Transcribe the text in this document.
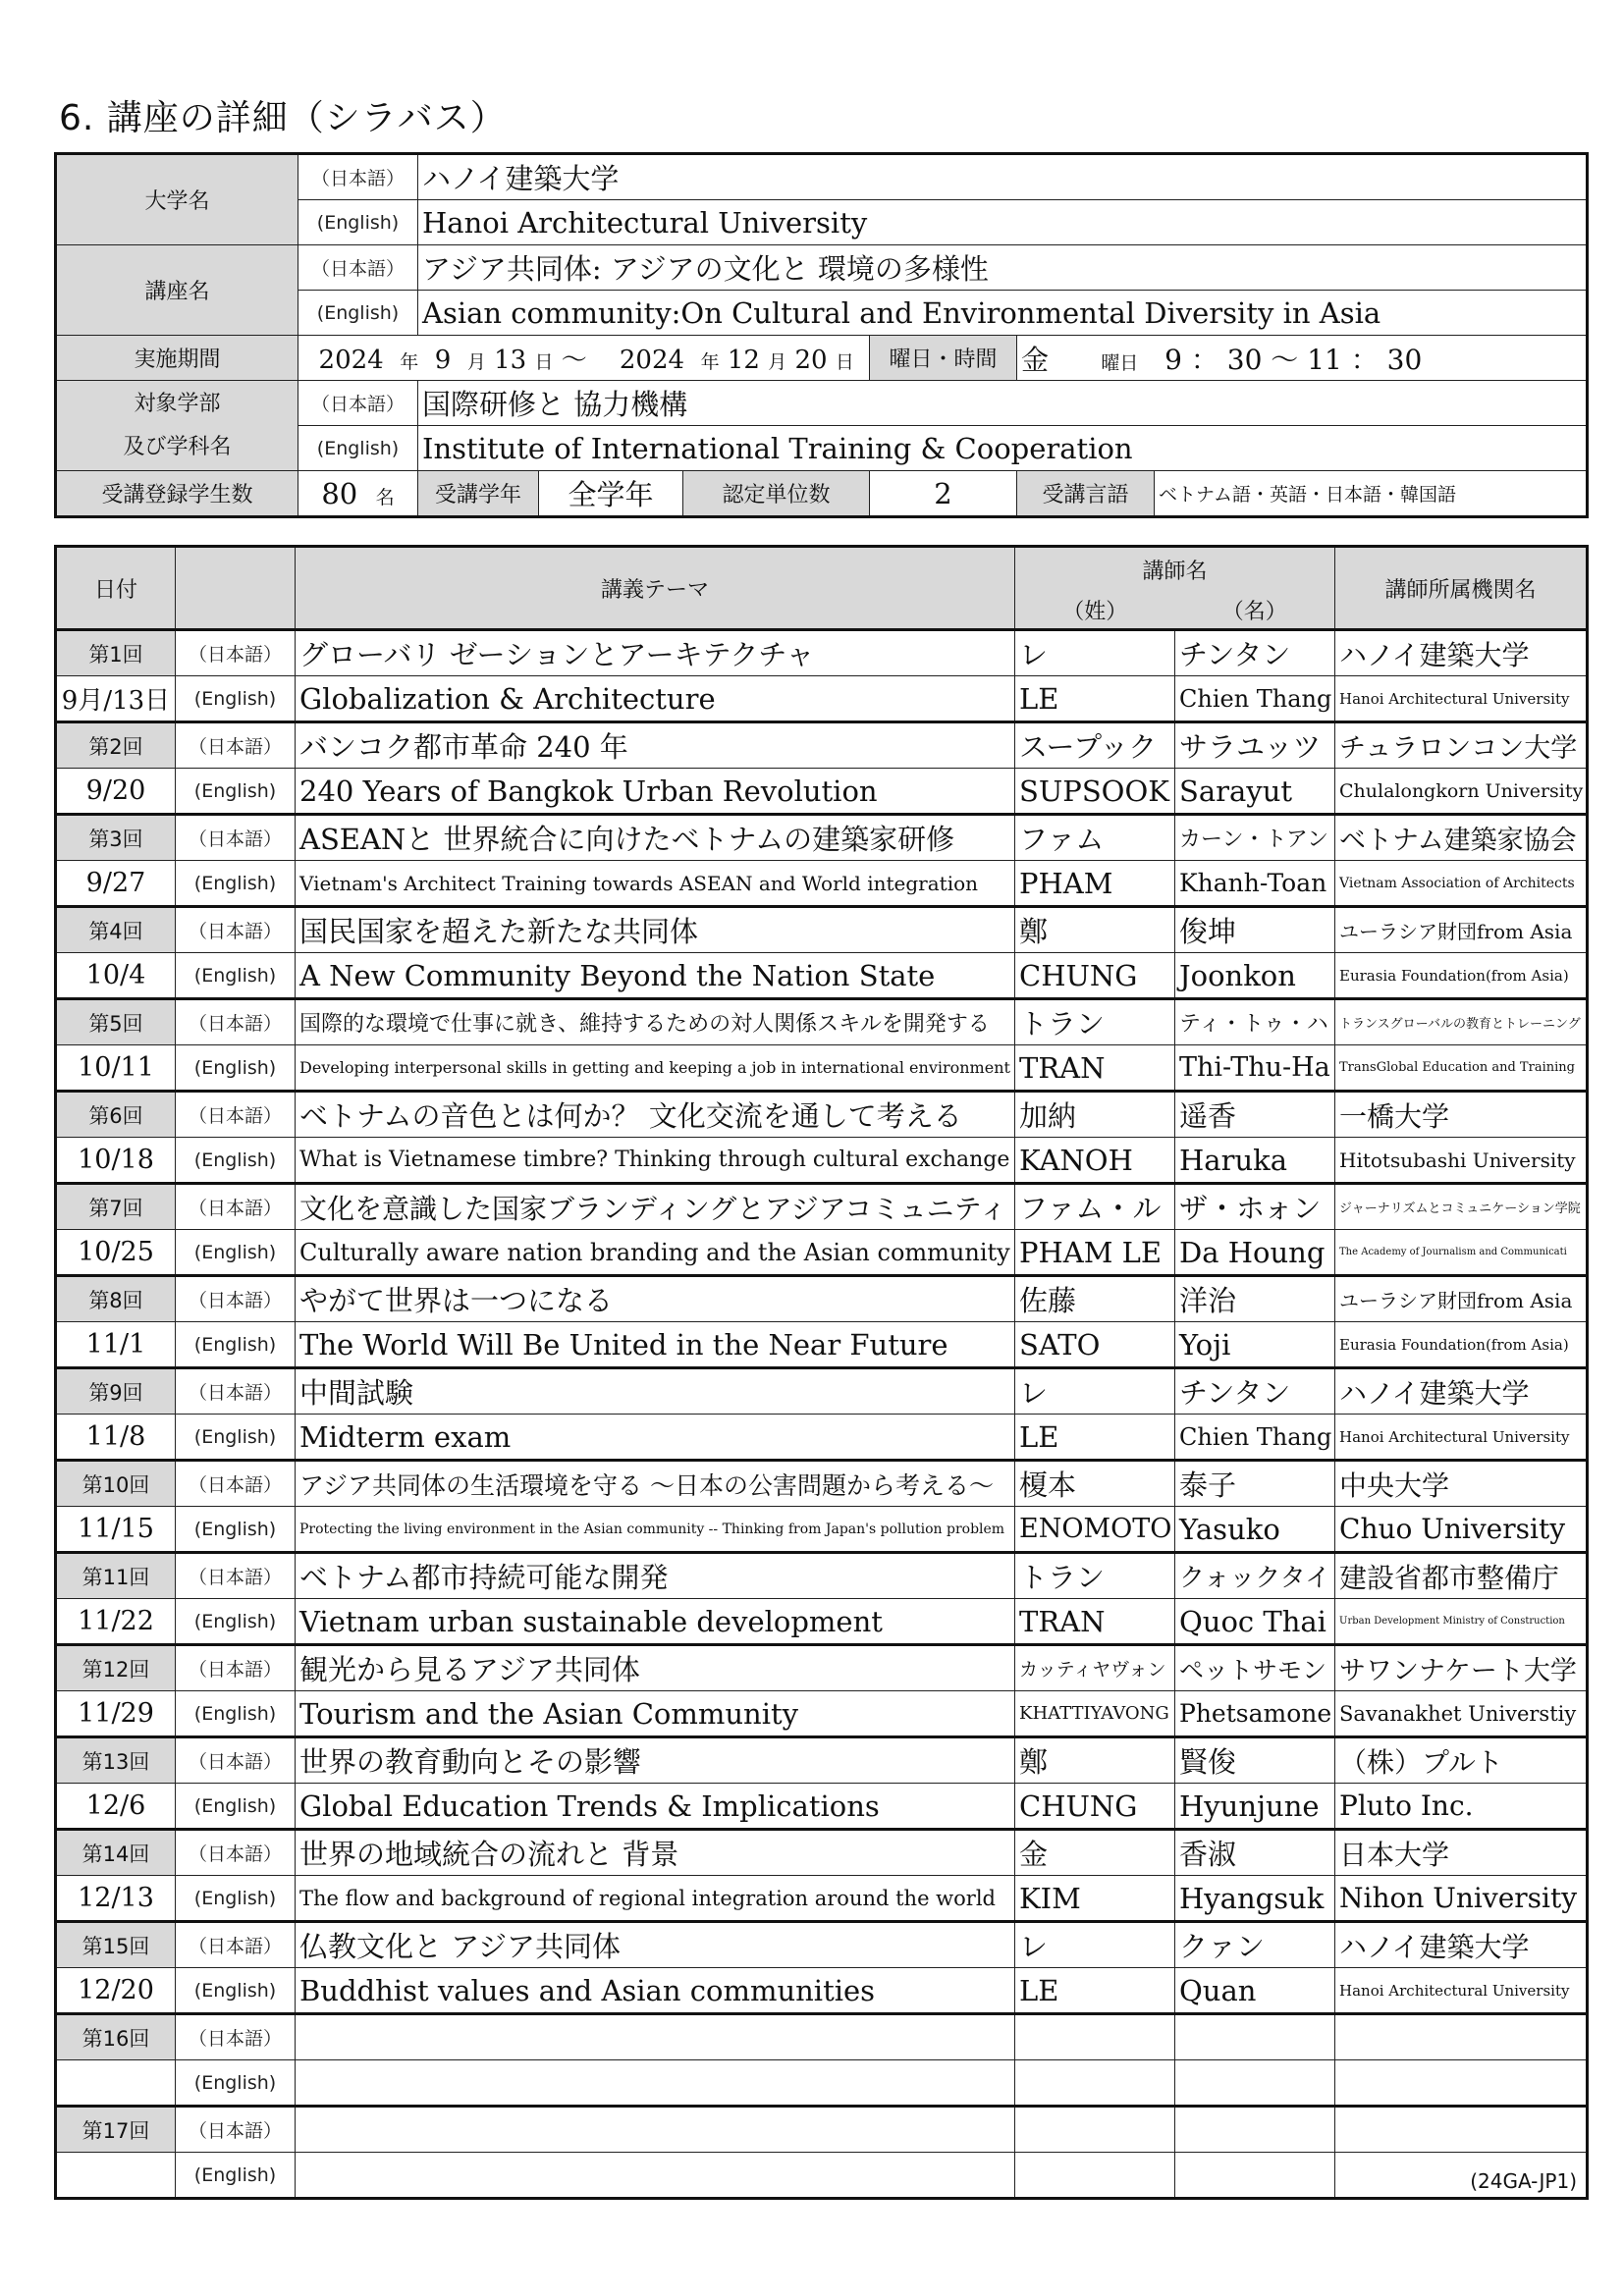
6. 講座の詳細（シラバス）
大学名	（日本語）	ハノイ建築大学					
	(English)	Hanoi Architectural University					
講座名	（日本語）	アジア共同体: アジアの文化と 環境の多様性					
	(English)	Asian community:On Cultural and Environmental Diversity in Asia					
実施期間	2024 年 9 月 13 日 ～ 2024 年 12 月 20 日				曜日・時間	金 曜日 9 ： 30 ～ 11 ： 30	
対象学部
及び学科名	（日本語）	国際研修と 協力機構					
	(English)	Institute of International Training & Cooperation					
受講登録学生数	80 名	受講学年	全学年	認定単位数	2	受講言語	ベトナム語・英語・日本語・韓国語
日付		講義テーマ	講師名		講師所属機関名
			（姓）	（名）	
第1回	（日本語）	グローバリ ゼーションとアーキテクチャ	レ	チンタン	ハノイ建築大学
9月/13日	(English)	Globalization & Architecture	LE	Chien Thang	Hanoi Architectural University
第2回	（日本語）	バンコク都市革命 240 年	スープック	サラユッツ	チュラロンコン大学
9/20	(English)	240 Years of Bangkok Urban Revolution	SUPSOOK	Sarayut	Chulalongkorn University
第3回	（日本語）	ASEANと 世界統合に向けたベトナムの建築家研修	ファム	カーン・トアン	ベトナム建築家協会
9/27	(English)	Vietnam's Architect Training towards ASEAN and World integration	PHAM	Khanh-Toan	Vietnam Association of Architects
第4回	（日本語）	国民国家を超えた新たな共同体	鄭	俊坤	ユーラシア財団from Asia
10/4	(English)	A New Community Beyond the Nation State	CHUNG	Joonkon	Eurasia Foundation(from Asia)
第5回	（日本語）	国際的な環境で仕事に就き、維持するための対人関係スキルを開発する	トラン	ティ・トゥ・ハ	トランスグローバルの教育とトレーニング
10/11	(English)	Developing interpersonal skills in getting and keeping a job in international environment	TRAN	Thi-Thu-Ha	TransGlobal Education and Training
第6回	（日本語）	ベトナムの音色とは何か？ 文化交流を通して考える	加納	遥香	一橋大学
10/18	(English)	What is Vietnamese timbre? Thinking through cultural exchange	KANOH	Haruka	Hitotsubashi University
第7回	（日本語）	文化を意識した国家ブランディングとアジアコミュニティ	ファム・ル	ザ・ホォン	ジャーナリズムとコミュニケーション学院
10/25	(English)	Culturally aware nation branding and the Asian community	PHAM LE	Da Houng	The Academy of Journalism and Communicati
第8回	（日本語）	やがて世界は一つになる	佐藤	洋治	ユーラシア財団from Asia
11/1	(English)	The World Will Be United in the Near Future	SATO	Yoji	Eurasia Foundation(from Asia)
第9回	（日本語）	中間試験	レ	チンタン	ハノイ建築大学
11/8	(English)	Midterm exam	LE	Chien Thang	Hanoi Architectural University
第10回	（日本語）	アジア共同体の生活環境を守る 〜日本の公害問題から考える〜	榎本	泰子	中央大学
11/15	(English)	Protecting the living environment in the Asian community -- Thinking from Japan's pollution problem	ENOMOTO	Yasuko	Chuo University
第11回	（日本語）	ベトナム都市持続可能な開発	トラン	クォックタイ	建設省都市整備庁
11/22	(English)	Vietnam urban sustainable development	TRAN	Quoc Thai	Urban Development Ministry of Construction
第12回	（日本語）	観光から見るアジア共同体	カッティヤヴォン	ペットサモン	サワンナケート大学
11/29	(English)	Tourism and the Asian Community	KHATTIYAVONG	Phetsamone	Savanakhet Universtiy
第13回	（日本語）	世界の教育動向とその影響	鄭	賢俊	（株）プルト
12/6	(English)	Global Education Trends & Implications	CHUNG	Hyunjune	Pluto Inc.
第14回	（日本語）	世界の地域統合の流れと 背景	金	香淑	日本大学
12/13	(English)	The flow and background of regional integration around the world	KIM	Hyangsuk	Nihon University
第15回	（日本語）	仏教文化と アジア共同体	レ	クァン	ハノイ建築大学
12/20	(English)	Buddhist values and Asian communities	LE	Quan	Hanoi Architectural University
第16回	（日本語）				
	(English)				
第17回	（日本語）				
	(English)					(24GA-JP1)
